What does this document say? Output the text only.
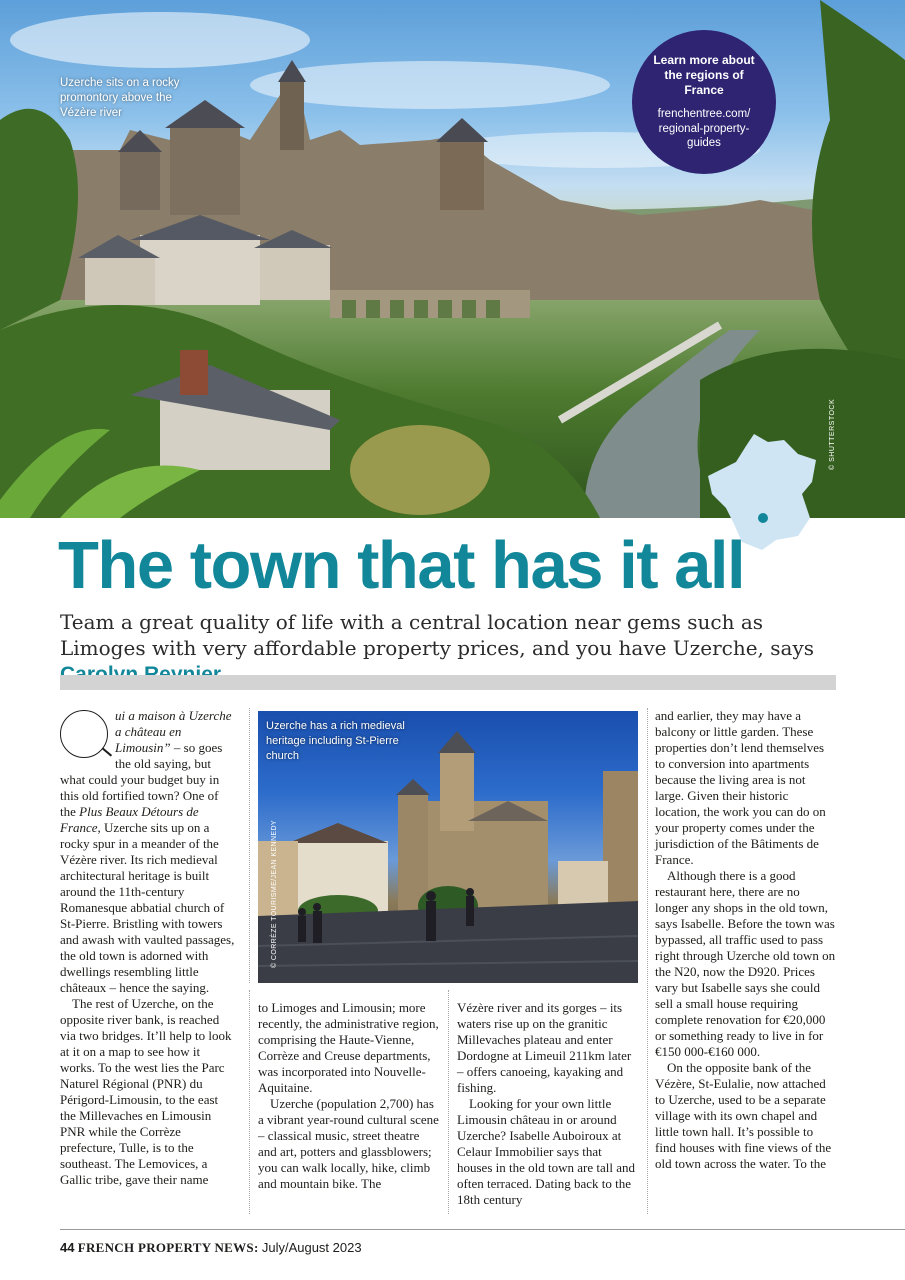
Uzerche sits on a rocky promontory above the Vézère river
Learn more about the regions of France
frenchentree.com/ regional-property- guides
© SHUTTERSTOCK
The town that has it all

Team a great quality of life with a central location near gems such as Limoges with very affordable property prices, and you have Uzerche, says

ui a maison à Uzerche a château en Limousin” – so goes the old saying, but what could your budget buy in this old fortified town? One of the Plus Beaux Détours de France, Uzerche sits up on a rocky spur in a meander of the Vézère river. Its rich medieval architectural heritage is built around the 11th-century Romanesque abbatial church of St-Pierre. Bristling with towers and awash with vaulted passages, the old town is adorned with dwellings resembling little châteaux – hence the saying.

The rest of Uzerche, on the opposite river bank, is reached via two bridges. It’ll help to look at it on a map to see how it works. To the west lies the Parc Naturel Régional (PNR) du Périgord-Limousin, to the east the Millevaches en Limousin PNR while the Corrèze prefecture, Tulle, is to the southeast. The Lemovices, a Gallic tribe, gave their name

Uzerche has a rich medieval heritage including St-Pierre church
© CORRÈZE TOURISME/JEAN KENNEDY

to Limoges and Limousin; more recently, the administrative region, comprising the Haute-Vienne, Corrèze and Creuse departments, was incorporated into Nouvelle-Aquitaine.

Uzerche (population 2,700) has a vibrant year-round cultural scene – classical music, street theatre and art, potters and glassblowers; you can walk locally, hike, climb and mountain bike. The

Vézère river and its gorges – its waters rise up on the granitic Millevaches plateau and enter Dordogne at Limeuil 211km later – offers canoeing, kayaking and fishing.

Looking for your own little Limousin château in or around Uzerche? Isabelle Auboiroux at Celaur Immobilier says that houses in the old town are tall and often terraced. Dating back to the 18th century

and earlier, they may have a balcony or little garden. These properties don’t lend themselves to conversion into apartments because the living area is not large. Given their historic location, the work you can do on your property comes under the jurisdiction of the Bâtiments de France.

Although there is a good restaurant here, there are no longer any shops in the old town, says Isabelle. Before the town was bypassed, all traffic used to pass right through Uzerche old town on the N20, now the D920. Prices vary but Isabelle says she could sell a small house requiring complete renovation for €20,000 or something ready to live in for €150 000-€160 000.

On the opposite bank of the Vézère, St-Eulalie, now attached to Uzerche, used to be a separate village with its own chapel and little town hall. It’s possible to find houses with fine views of the old town across the water. To the

44 FRENCH PROPERTY NEWS: July/August 2023
